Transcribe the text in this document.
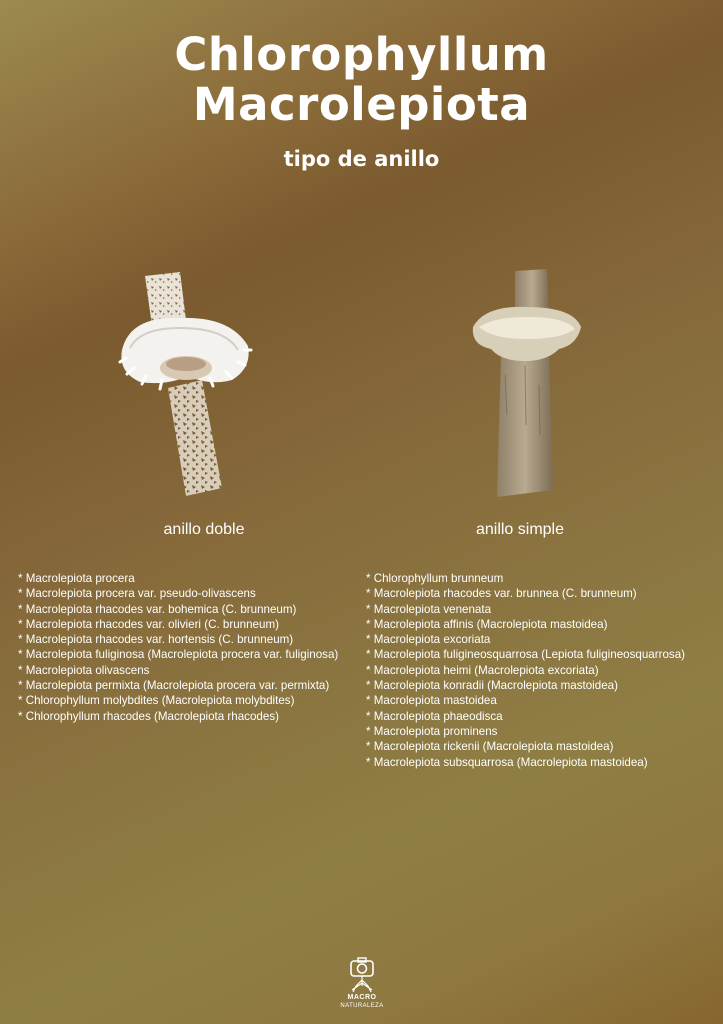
Chlorophyllum
Macrolepiota
tipo de anillo
anillo doble	anillo simple
* Macrolepiota procera
* Macrolepiota procera var. pseudo-olivascens
* Macrolepiota rhacodes var. bohemica (C. brunneum)
* Macrolepiota rhacodes var. olivieri (C. brunneum)
* Macrolepiota rhacodes var. hortensis (C. brunneum)
* Macrolepiota fuliginosa (Macrolepiota procera var. fuliginosa)
* Macrolepiota olivascens
* Macrolepiota permixta (Macrolepiota procera var. permixta)
* Chlorophyllum molybdites (Macrolepiota molybdites)
* Chlorophyllum rhacodes (Macrolepiota rhacodes)
* Chlorophyllum brunneum
* Macrolepiota rhacodes var. brunnea (C. brunneum)
* Macrolepiota venenata
* Macrolepiota affinis (Macrolepiota mastoidea)
* Macrolepiota excoriata
* Macrolepiota fuligineosquarrosa (Lepiota fuligineosquarrosa)
* Macrolepiota heimi (Macrolepiota excoriata)
* Macrolepiota konradii (Macrolepiota mastoidea)
* Macrolepiota mastoidea
* Macrolepiota phaeodisca
* Macrolepiota prominens
* Macrolepiota rickenii (Macrolepiota mastoidea)
* Macrolepiota subsquarrosa (Macrolepiota mastoidea)
MACRO
NATURALEZA
